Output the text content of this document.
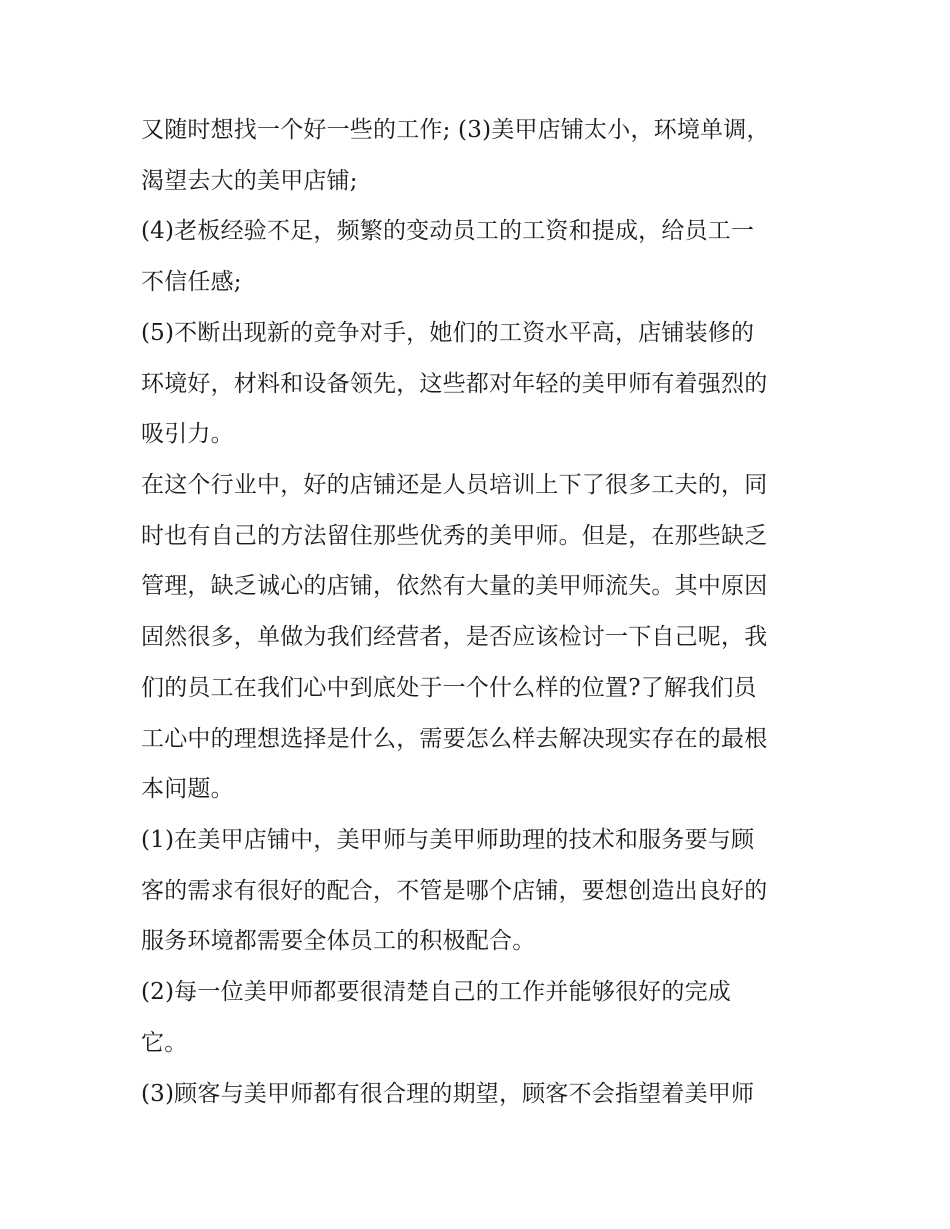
又随时想找一个好一些的工作; (3)美甲店铺太小，环境单调，
渴望去大的美甲店铺;
(4)老板经验不足，频繁的变动员工的工资和提成，给员工一
不信任感;
(5)不断出现新的竞争对手，她们的工资水平高，店铺装修的
环境好，材料和设备领先，这些都对年轻的美甲师有着强烈的
吸引力。
在这个行业中，好的店铺还是人员培训上下了很多工夫的，同
时也有自己的方法留住那些优秀的美甲师。但是，在那些缺乏
管理，缺乏诚心的店铺，依然有大量的美甲师流失。其中原因
固然很多，单做为我们经营者，是否应该检讨一下自己呢，我
们的员工在我们心中到底处于一个什么样的位置?了解我们员
工心中的理想选择是什么，需要怎么样去解决现实存在的最根
本问题。
(1)在美甲店铺中，美甲师与美甲师助理的技术和服务要与顾
客的需求有很好的配合，不管是哪个店铺，要想创造出良好的
服务环境都需要全体员工的积极配合。
(2)每一位美甲师都要很清楚自己的工作并能够很好的完成
它。
(3)顾客与美甲师都有很合理的期望，顾客不会指望着美甲师
